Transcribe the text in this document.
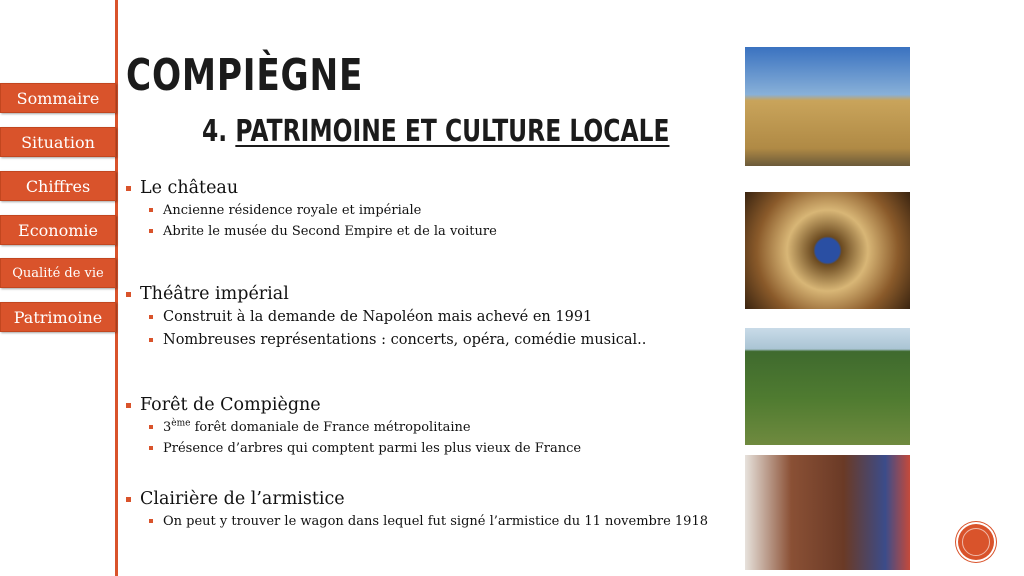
Sommaire
Situation
Chiffres
Economie
Qualité de vie
Patrimoine
COMPIÈGNE
4. PATRIMOINE ET CULTURE LOCALE
Le château
Ancienne résidence royale et impériale
Abrite le musée du Second Empire et de la voiture
Théâtre impérial
Construit à la demande de Napoléon mais achevé en 1991
Nombreuses représentations : concerts, opéra, comédie musical..
Forêt de Compiègne
3ème forêt domaniale de France métropolitaine
Présence d’arbres qui comptent parmi les plus vieux de France
Clairière de l’armistice
On peut y trouver le wagon dans lequel fut signé l’armistice du 11 novembre 1918
